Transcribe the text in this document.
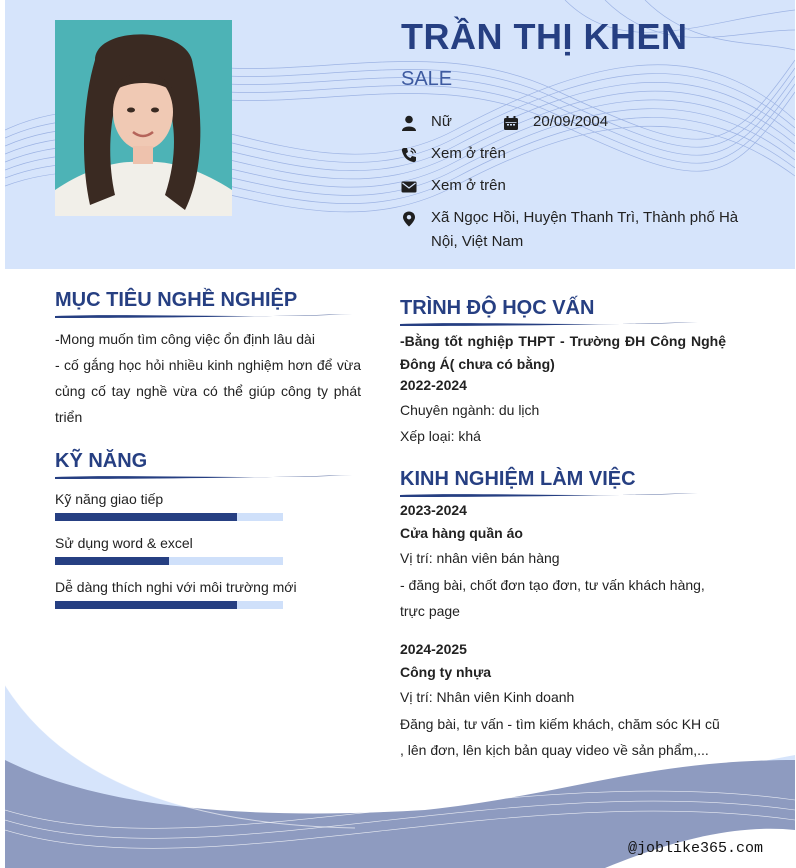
TRẦN THỊ KHEN
SALE
Nữ	20/09/2004
Xem ở trên
Xem ở trên
Xã Ngọc Hồi, Huyện Thanh Trì, Thành phố Hà Nội, Việt Nam
@joblike365.com
MỤC TIÊU NGHỀ NGHIỆP
-Mong muốn tìm công việc ổn định lâu dài
- cố gắng học hỏi nhiều kinh nghiệm hơn để vừa củng cố tay nghề vừa có thể giúp công ty phát triển
KỸ NĂNG
Kỹ năng giao tiếp
Sử dụng word & excel
Dễ dàng thích nghi với môi trường mới
TRÌNH ĐỘ HỌC VẤN
-Bằng tốt nghiệp THPT - Trường ĐH Công Nghệ Đông Á( chưa có bằng)
2022-2024
Chuyên ngành: du lịch
Xếp loại: khá
KINH NGHIỆM LÀM VIỆC
2023-2024
Cửa hàng quần áo
Vị trí: nhân viên bán hàng
- đăng bài, chốt đơn tạo đơn, tư vấn khách hàng, trực page
2024-2025
Công ty nhựa
Vị trí: Nhân viên Kinh doanh
Đăng bài, tư vấn - tìm kiếm khách, chăm sóc KH cũ , lên đơn, lên kịch bản quay video về sản phẩm,...
